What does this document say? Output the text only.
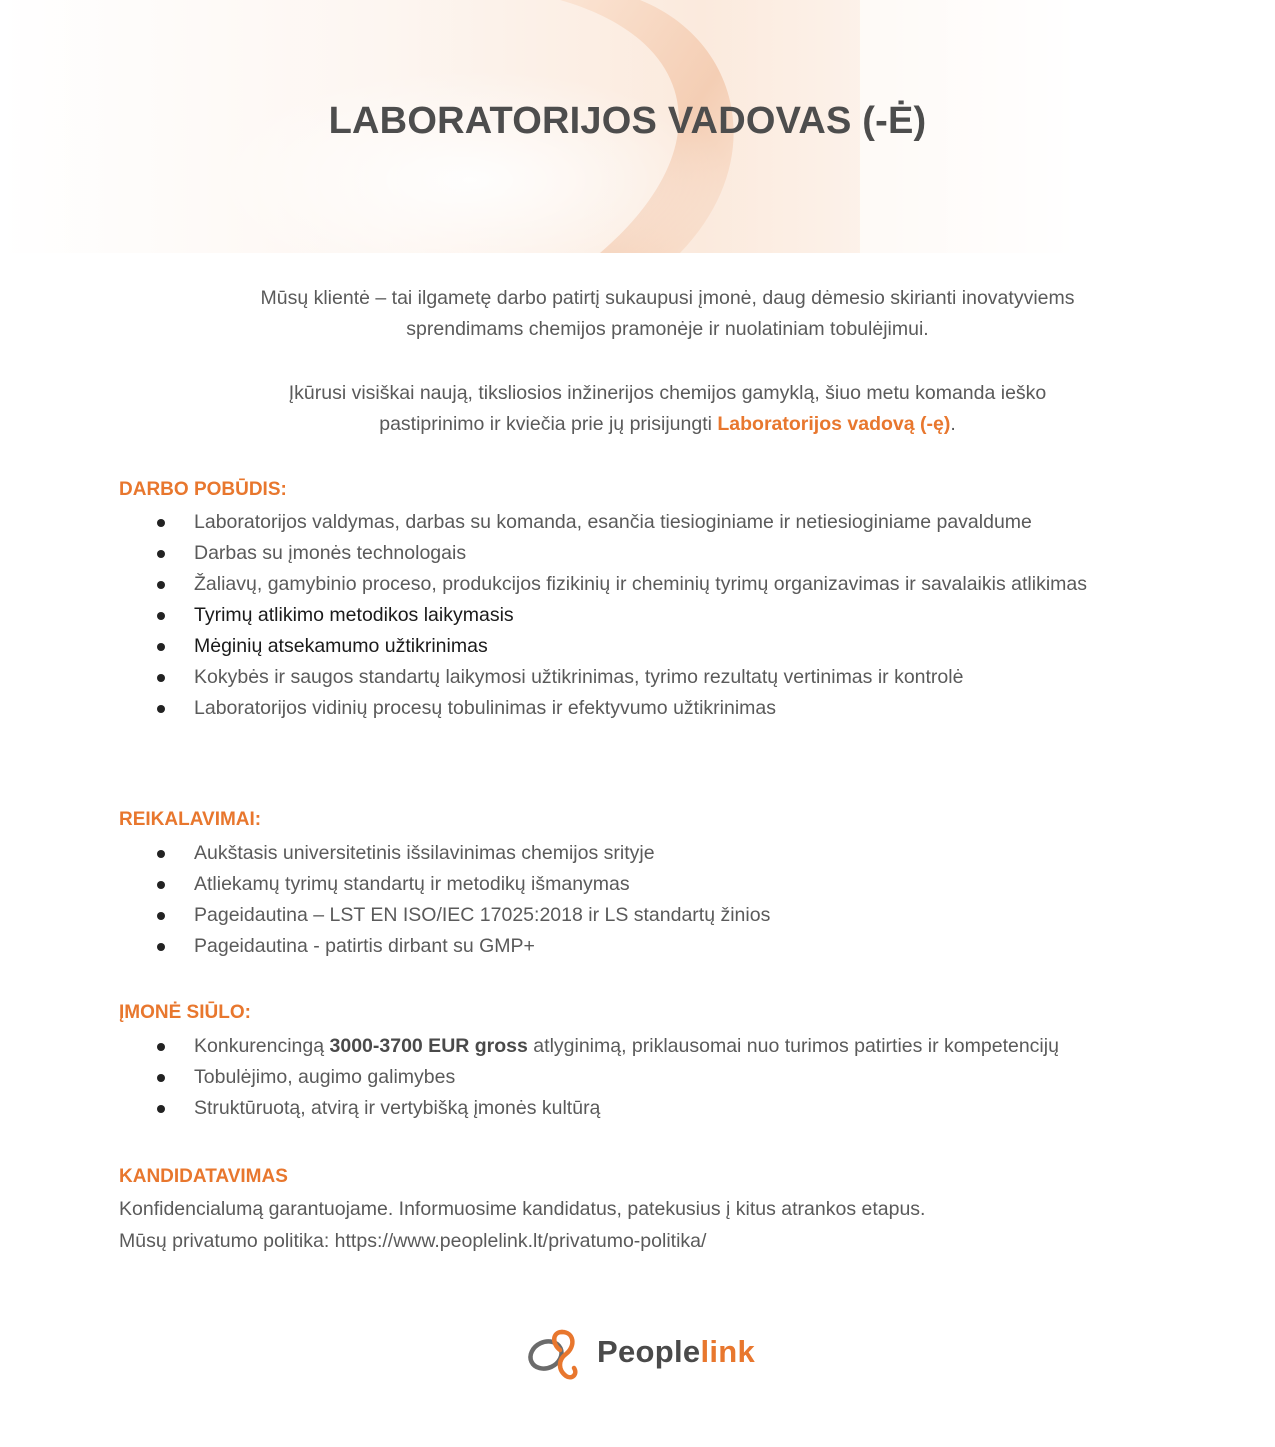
LABORATORIJOS VADOVAS (-Ė)
Mūsų klientė – tai ilgametę darbo patirtį sukaupusi įmonė, daug dėmesio skirianti inovatyviems
sprendimams chemijos pramonėje ir nuolatiniam tobulėjimui.
Įkūrusi visiškai naują, tiksliosios inžinerijos chemijos gamyklą, šiuo metu komanda ieško
pastiprinimo ir kviečia prie jų prisijungti Laboratorijos vadovą (-ę).
DARBO POBŪDIS:
Laboratorijos valdymas, darbas su komanda, esančia tiesioginiame ir netiesioginiame pavaldume
Darbas su įmonės technologais
Žaliavų, gamybinio proceso, produkcijos fizikinių ir cheminių tyrimų organizavimas ir savalaikis atlikimas
Tyrimų atlikimo metodikos laikymasis
Mėginių atsekamumo užtikrinimas
Kokybės ir saugos standartų laikymosi užtikrinimas, tyrimo rezultatų vertinimas ir kontrolė
Laboratorijos vidinių procesų tobulinimas ir efektyvumo užtikrinimas
REIKALAVIMAI:
Aukštasis universitetinis išsilavinimas chemijos srityje
Atliekamų tyrimų standartų ir metodikų išmanymas
Pageidautina – LST EN ISO/IEC 17025:2018 ir LS standartų žinios
Pageidautina - patirtis dirbant su GMP+
ĮMONĖ SIŪLO:
Konkurencingą 3000-3700 EUR gross atlyginimą, priklausomai nuo turimos patirties ir kompetencijų
Tobulėjimo, augimo galimybes
Struktūruotą, atvirą ir vertybišką įmonės kultūrą
KANDIDATAVIMAS
Konfidencialumą garantuojame. Informuosime kandidatus, patekusius į kitus atrankos etapus.
Mūsų privatumo politika: https://www.peoplelink.lt/privatumo-politika/
Peoplelink
